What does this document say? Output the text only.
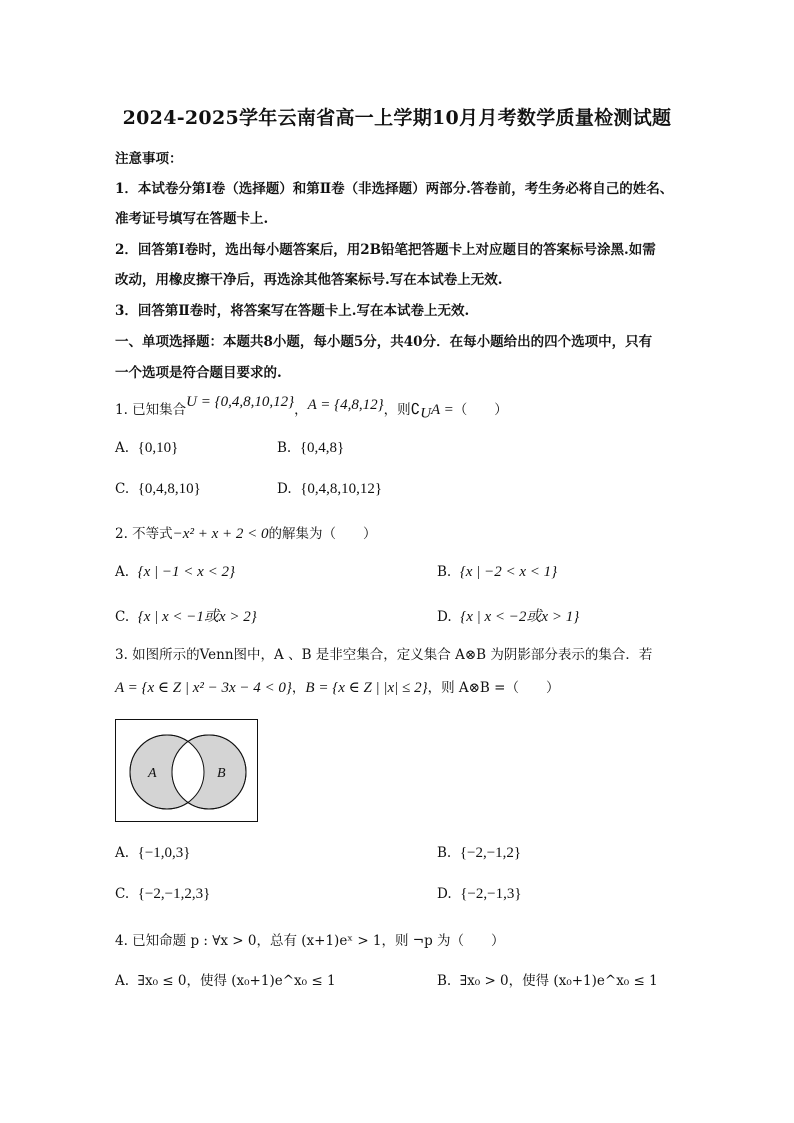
2024-2025学年云南省高一上学期10月月考数学质量检测试题
注意事项：
1．本试卷分第Ⅰ卷（选择题）和第Ⅱ卷（非选择题）两部分.答卷前，考生务必将自己的姓名、
准考证号填写在答题卡上.
2．回答第Ⅰ卷时，选出每小题答案后，用2B铅笔把答题卡上对应题目的答案标号涂黑.如需
改动，用橡皮擦干净后，再选涂其他答案标号.写在本试卷上无效.
3．回答第Ⅱ卷时，将答案写在答题卡上.写在本试卷上无效.
一、单项选择题：本题共8小题，每小题5分，共40分．在每小题给出的四个选项中，只有
一个选项是符合题目要求的.
1. 已知集合U = {0,4,8,10,12}，A = {4,8,12}，则$∁_UA$ =（　　）
A. {0,10}	B. {0,4,8}
C. {0,4,8,10}	D. {0,4,8,10,12}
2. 不等式−x² + x + 2 < 0的解集为（　　）
A. {x | −1 < x < 2}	B. {x | −2 < x < 1}
C. {x | x < −1或x > 2}	D. {x | x < −2或x > 1}
3. 如图所示的Venn图中，A 、B 是非空集合，定义集合 A⊗B 为阴影部分表示的集合．若
A = {x ∈ Z | x² − 3x − 4 < 0}，B = {x ∈ Z | |x| ≤ 2}，则 A⊗B =（　　）
A	B
A. {−1,0,3}	B. {−2,−1,2}
C. {−2,−1,2,3}	D. {−2,−1,3}
4. 已知命题 p : ∀x > 0，总有 (x+1)eˣ > 1，则 ¬p 为（　　）
A. ∃x₀ ≤ 0，使得 (x₀+1)e^x₀ ≤ 1	B. ∃x₀ > 0，使得 (x₀+1)e^x₀ ≤ 1
